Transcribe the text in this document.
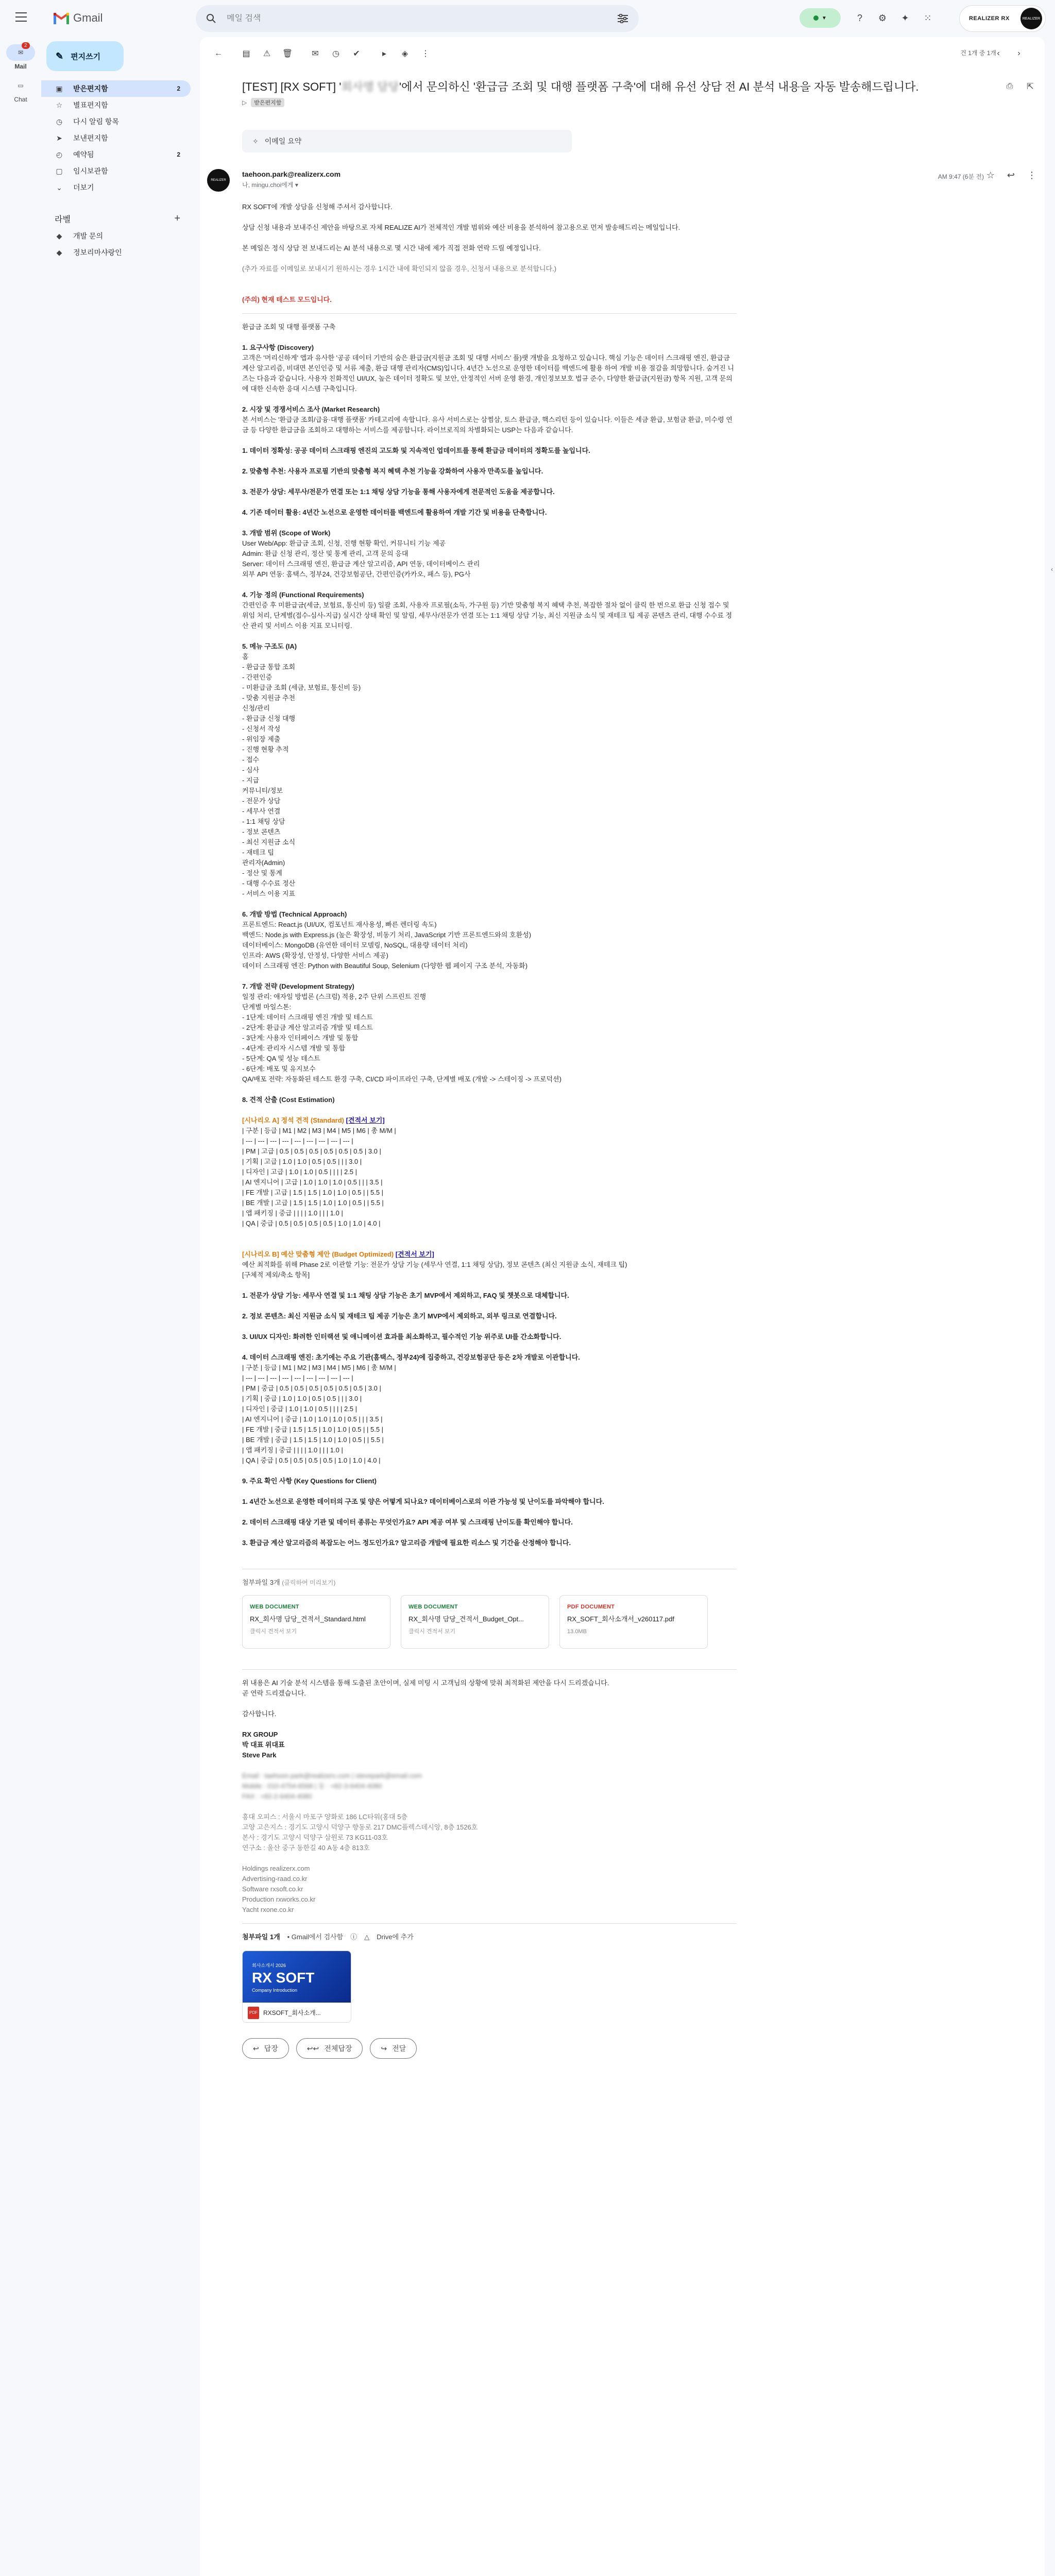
Gmail
메일 검색	▼	?	⚙	✦	⁙	REALIZER RX	REALIZER
✉
2
Mail
▭
Chat
✎ 편지쓰기
▣ 받은편지함	2
☆ 별표편지함
◷ 다시 알림 항목
➤ 보낸편지함
◴ 예약됨	2
▢ 임시보관함
⌄ 더보기
라벨	+
◆ 개발 문의
◆ 정보리마샤랑인
← ▤	⚠	🗑	✉	◷	✔	▸	◈	⋮	건 1개 중 1개 ‹	›
[TEST] [RX SOFT] '회사명 담당'에서 문의하신 '환급금 조회 및 대행 플랫폼 구축'에 대해 유선 상담 전 AI 분석 내용을 자동 발송해드립니다.	⎙	⇱
▷	받은편지함
✧ 이메일 요약
REALIZER
taehoon.park@realizerx.com
나, mingu.choi에게 ▾
AM 9:47 (6분 전) ☆ ↩ ⋮

RX SOFT에 개발 상담을 신청해 주셔서 감사합니다.

상담 신청 내용과 보내주신 제안을 바탕으로 자체 REALIZE AI가 전체적인 개발 범위와 예산 비용을 분석하여 참고용으로 먼저 발송해드리는 메일입니다.

본 메일은 정식 상담 전 보내드리는 AI 분석 내용으로 몇 시간 내에 제가 직접 전화 연락 드릴 예정입니다.

(추가 자료를 이메일로 보내시기 원하시는 경우 1시간 내에 확인되지 않을 경우, 신청서 내용으로 분석합니다.)

(주의) 현재 테스트 모드입니다.

환급금 조회 및 대행 플랫폼 구축

1. 요구사항 (Discovery)

고객은 '머리신하게' 앱과 유사한 '공공 데이터 기반의 숨은 환급금(지원금 조회 및 대행 서비스' 플)랫 개발을 요청하고 있습니다. 핵심 기능은 데이터 스크래핑 엔진, 환급금 계산 알고리즘, 비대면 본인인증 및 서류 제출, 환급 대행 관리자(CMS)입니다. 4년간 노선으로 운영한 데이터를 백엔드에 활용 하여 개발 비용 절감을 희망합니다. 숨겨진 니즈는 다음과 같습니다. 사용자 친화적인 UI/UX, 높은 데이터 정확도 및 보안, 안정적인 서버 운영 환경, 개인정보보호 법규 준수, 다양한 환급금(지원금) 항목 지원, 고객 문의에 대한 신속한 응대 시스템 구축입니다.

2. 시장 및 경쟁서비스 조사 (Market Research)

본 서비스는 '환급금 조회/급융·대행 플랫폼' 카테고리에 속합니다. 유사 서비스로는 삼쩜삼, 토스 환급금, 핵스리턴 등이 있습니다. 이들은 세금 환급, 보험금 환급, 미수령 연금 등 다양한 환급금을 조회하고 대행하는 서비스를 제공합니다. 라이브로직의 차별화되는 USP는 다음과 같습니다.

1. 데이터 정확성: 공공 데이터 스크래핑 엔진의 고도화 및 지속적인 업데이트를 통해 환급금 데이터의 정확도를 높입니다.

2. 맞춤형 추천: 사용자 프로필 기반의 맞춤형 복지 혜택 추천 기능을 강화하여 사용자 만족도를 높입니다.

3. 전문가 상담: 세무사/전문가 연결 또는 1:1 채팅 상담 기능을 통해 사용자에게 전문적인 도움을 제공합니다.

4. 기존 데이터 활용: 4년간 노선으로 운영한 데이터를 백엔드에 활용하여 개발 기간 및 비용을 단축합니다.

3. 개발 범위 (Scope of Work)

User Web/App: 환급금 조회, 신청, 진행 현황 확인, 커뮤니티 기능 제공

Admin: 환급 신청 관리, 정산 및 통계 관리, 고객 문의 응대

Server: 데이터 스크래핑 엔진, 환급금 계산 알고리즘, API 연동, 데이터베이스 관리

외부 API 연동: 홈택스, 정부24, 건강보험공단, 간편인증(카카오, 패스 등), PG사

4. 기능 정의 (Functional Requirements)

간편인증 후 미환급금(세금, 보험료, 통신비 등) 일괄 조회, 사용자 프로필(소득, 가구원 등) 기반 맞춤형 복지 혜택 추천, 복잡한 절차 없이 클릭 한 번으로 환급 신청 접수 및 위임 처리, 단계별(접수-심사-지급) 실시간 상태 확인 및 알림, 세무사/전문가 연결 또는 1:1 채팅 상담 기능, 최신 지원금 소식 및 재테크 팁 제공 콘텐츠 관리, 대행 수수료 정산 관리 및 서비스 이용 지표 모니터링.

5. 메뉴 구조도 (IA)

홈

- 환급금 통합 조회

- 간편인증

- 미환급금 조회 (세금, 보험료, 통신비 등)

- 맞춤 지원금 추천

신청/관리

- 환급금 신청 대행

- 신청서 작성

- 위임장 제출

- 진행 현황 추적

- 접수

- 심사

- 지급

커뮤니티/정보

- 전문가 상담

- 세무사 연결

- 1:1 채팅 상담

- 정보 콘텐츠

- 최신 지원금 소식

- 재테크 팁

관리자(Admin)

- 정산 및 통계

- 대행 수수료 정산

- 서비스 이용 지표

6. 개발 방법 (Technical Approach)

프론트엔드: React.js (UI/UX, 컴포넌트 재사용성, 빠른 렌더링 속도)

백엔드: Node.js with Express.js (높은 확장성, 비동기 처리, JavaScript 기반 프론트엔드와의 호환성)

데이터베이스: MongoDB (유연한 데이터 모델링, NoSQL, 대용량 데이터 처리)

인프라: AWS (확장성, 안정성, 다양한 서비스 제공)

데이터 스크래핑 엔진: Python with Beautiful Soup, Selenium (다양한 웹 페이지 구조 분석, 자동화)

7. 개발 전략 (Development Strategy)

일정 관리: 애자일 방법론 (스크럼) 적용, 2주 단위 스프린트 진행

단계별 마일스톤:

- 1단계: 데이터 스크래핑 엔진 개발 및 테스트

- 2단계: 환급금 계산 알고리즘 개발 및 테스트

- 3단계: 사용자 인터페이스 개발 및 통합

- 4단계: 관리자 시스템 개발 및 통합

- 5단계: QA 및 성능 테스트

- 6단계: 배포 및 유지보수

QA/배포 전략: 자동화된 테스트 환경 구축, CI/CD 파이프라인 구축, 단계별 배포 (개발 -> 스테이징 -> 프로덕션)

8. 견적 산출 (Cost Estimation)

[시나리오 A] 정석 견적 (Standard) [견적서 보기]

| 구분 | 등급 | M1 | M2 | M3 | M4 | M5 | M6 | 총 M/M |

| --- | --- | --- | --- | --- | --- | --- | --- | --- |

| PM | 고급 | 0.5 | 0.5 | 0.5 | 0.5 | 0.5 | 0.5 | 3.0 |

| 기획 | 고급 | 1.0 | 1.0 | 0.5 | 0.5 | | | 3.0 |

| 디자인 | 고급 | 1.0 | 1.0 | 0.5 | | | | 2.5 |

| AI 엔지니어 | 고급 | 1.0 | 1.0 | 1.0 | 0.5 | | | 3.5 |

| FE 개발 | 고급 | 1.5 | 1.5 | 1.0 | 1.0 | 0.5 | | 5.5 |

| BE 개발 | 고급 | 1.5 | 1.5 | 1.0 | 1.0 | 0.5 | | 5.5 |

| 앱 패키징 | 중급 | | | | 1.0 | | | 1.0 |

| QA | 중급 | 0.5 | 0.5 | 0.5 | 0.5 | 1.0 | 1.0 | 4.0 |

[시나리오 B] 예산 맞춤형 제안 (Budget Optimized) [견적서 보기]

예산 최적화를 위해 Phase 2로 이관할 기능: 전문가 상담 기능 (세무사 연결, 1:1 채팅 상담), 정보 콘텐츠 (최신 지원금 소식, 재테크 팁)

[구체적 제외/축소 항목]

1. 전문가 상담 기능: 세무사 연결 및 1:1 채팅 상담 기능은 초기 MVP에서 제외하고, FAQ 및 챗봇으로 대체합니다.

2. 정보 콘텐츠: 최신 지원금 소식 및 재테크 팁 제공 기능은 초기 MVP에서 제외하고, 외부 링크로 연결합니다.

3. UI/UX 디자인: 화려한 인터랙션 및 애니메이션 효과를 최소화하고, 필수적인 기능 위주로 UI를 간소화합니다.

4. 데이터 스크래핑 엔진: 초기에는 주요 기관(홈택스, 정부24)에 집중하고, 건강보험공단 등은 2차 개발로 이관합니다.

| 구분 | 등급 | M1 | M2 | M3 | M4 | M5 | M6 | 총 M/M |

| --- | --- | --- | --- | --- | --- | --- | --- | --- |

| PM | 중급 | 0.5 | 0.5 | 0.5 | 0.5 | 0.5 | 0.5 | 3.0 |

| 기획 | 중급 | 1.0 | 1.0 | 0.5 | 0.5 | | | 3.0 |

| 디자인 | 중급 | 1.0 | 1.0 | 0.5 | | | | 2.5 |

| AI 엔지니어 | 중급 | 1.0 | 1.0 | 1.0 | 0.5 | | | 3.5 |

| FE 개발 | 중급 | 1.5 | 1.5 | 1.0 | 1.0 | 0.5 | | 5.5 |

| BE 개발 | 중급 | 1.5 | 1.5 | 1.0 | 1.0 | 0.5 | | 5.5 |

| 앱 패키징 | 중급 | | | | 1.0 | | | 1.0 |

| QA | 중급 | 0.5 | 0.5 | 0.5 | 0.5 | 1.0 | 1.0 | 4.0 |

9. 주요 확인 사항 (Key Questions for Client)

1. 4년간 노선으로 운영한 데이터의 구조 및 양은 어떻게 되나요? 데이터베이스로의 이관 가능성 및 난이도를 파악해야 합니다.

2. 데이터 스크래핑 대상 기관 및 데이터 종류는 무엇인가요? API 제공 여부 및 스크래핑 난이도를 확인해야 합니다.

3. 환급금 계산 알고리즘의 복잡도는 어느 정도인가요? 알고리즘 개발에 필요한 리소스 및 기간을 산정해야 합니다.

첨부파일 3개 (클릭하여 미리보기)

WEB DOCUMENT
RX_회사명 담당_견적서_Standard.html
클릭시 견적서 보기
WEB DOCUMENT
RX_회사명 담당_견적서_Budget_Opt...
클릭시 견적서 보기
PDF DOCUMENT
RX_SOFT_회사소개서_v260117.pdf
13.0MB

위 내용은 AI 기술 분석 시스템을 통해 도출된 초안이며, 실제 미팅 시 고객님의 상황에 맞춰 최적화된 제안을 다시 드리겠습니다.

곧 연락 드리겠습니다.

감사합니다.

RX GROUP

박 대표 위대표

Steve Park

Email : taehoon.park@realizerx.com | stevepark@email.com

Mobile : 010-4754-6568 | 동 : +82-3-6404-4080

FAX : +82-2-6404-4080

흥대 오피스 : 서울시 마포구 양화로 186 LC타워(홍대 5층

고양 고은지스 : 경기도 고양시 덕양구 향동로 217 DMC플렉스데시앙, 8층 1526호

본사 : 경기도 고양시 덕양구 삼원로 73 KG11-03호

연구소 : 울산 중구 동한길 40 A동 4층 813호

Holdings realizerx.com

Advertising-raad.co.kr

Software rxsoft.co.kr

Production rxworks.co.kr

Yacht rxone.co.kr

첨부파일 1개 • Gmail에서 검사함 ⓘ △ Drive에 추가
회사소개서 2026
RX SOFT
Company Introduction
PDF RXSOFT_회사소개...
↩ 답장	↩↩ 전체답장	↪ 전달
‹
